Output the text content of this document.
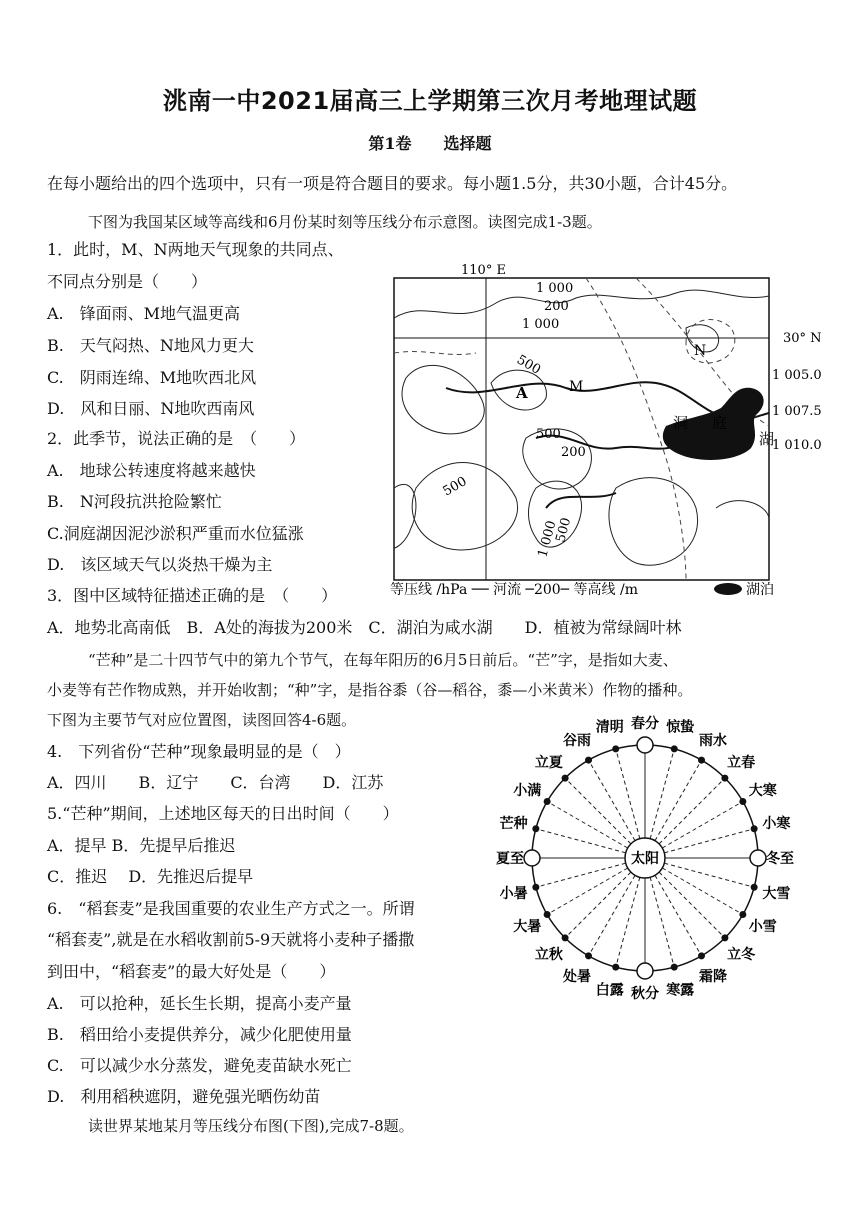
洮南一中2021届高三上学期第三次月考地理试题
第1卷　　选择题
在每小题给出的四个选项中，只有一项是符合题目的要求。每小题1.5分，共30小题，合计45分。
下图为我国某区域等高线和6月份某时刻等压线分布示意图。读图完成1-3题。
1．此时，M、N两地天气现象的共同点、
不同点分别是（　　）
A.　锋面雨、M地气温更高
B.　天气闷热、N地风力更大
C.　阴雨连绵、M地吹西北风
D.　风和日丽、N地吹西南风
2．此季节，说法正确的是　（　　）
A.　地球公转速度将越来越快
B.　N河段抗洪抢险繁忙
C.洞庭湖因泥沙淤积严重而水位猛涨
D.　该区域天气以炎热干燥为主
3．图中区域特征描述正确的是　（　　）
A．地势北高南低　B．A处的海拔为200米　C．湖泊为咸水湖　　D．植被为常绿阔叶林
110° E
30° N
1 005.0
1 007.5
1 010.0
1 000
200
1 000
500
500
200
500
1 000
500
N
A	M
洞 庭
湖
等压线 /hPa ── 河流 ─200─ 等高线 /m	湖泊
“芒种”是二十四节气中的第九个节气，在每年阳历的6月5日前后。“芒”字，是指如大麦、
小麦等有芒作物成熟，并开始收割；“种”字，是指谷黍（谷—稻谷，黍—小米黄米）作物的播种。
下图为主要节气对应位置图，读图回答4-6题。
4.　下列省份“芒种”现象最明显的是（　）
A．四川　　B．辽宁　　C．台湾　　D．江苏
5.“芒种”期间，上述地区每天的日出时间（　　）
A．提早 B．先提早后推迟
C．推迟　 D．先推迟后提早
6.　“稻套麦”是我国重要的农业生产方式之一。所谓
“稻套麦”,就是在水稻收割前5-9天就将小麦种子播撒
到田中，“稻套麦”的最大好处是（　　）
A.　可以抢种，延长生长期，提高小麦产量
B.　稻田给小麦提供养分，减少化肥使用量
C.　可以减少水分蒸发，避免麦苗缺水死亡
D.　利用稻秧遮阴，避免强光晒伤幼苗
读世界某地某月等压线分布图(下图),完成7-8题。
春分 惊蛰
雨水
立春
大寒
小寒
冬至
大雪
小雪
立冬
霜降
寒露
秋分
白露
处暑
立秋
大暑
小暑
夏至
芒种
小满
立夏
谷雨
清明
太阳
